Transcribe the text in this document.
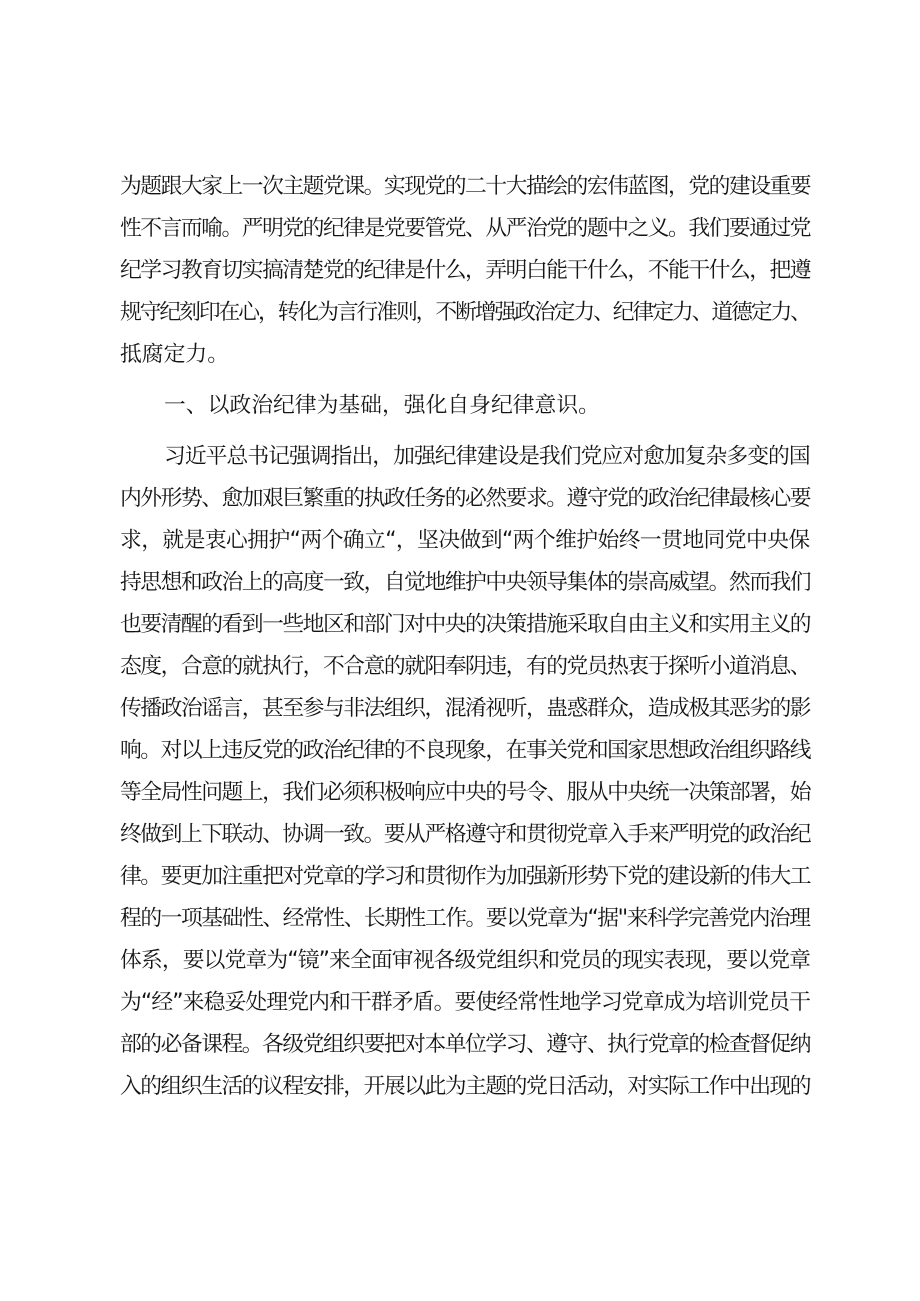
为题跟大家上一次主题党课。实现党的二十大描绘的宏伟蓝图，党的建设重要
性不言而喻。严明党的纪律是党要管党、从严治党的题中之义。我们要通过党
纪学习教育切实搞清楚党的纪律是什么，弄明白能干什么，不能干什么，把遵
规守纪刻印在心，转化为言行准则，不断增强政治定力、纪律定力、道德定力、
抵腐定力。
一、以政治纪律为基础，强化自身纪律意识。
习近平总书记强调指出，加强纪律建设是我们党应对愈加复杂多变的国
内外形势、愈加艰巨繁重的执政任务的必然要求。遵守党的政治纪律最核心要
求，就是衷心拥护“两个确立“，坚决做到“两个维护始终一贯地同党中央保
持思想和政治上的高度一致，自觉地维护中央领导集体的崇高威望。然而我们
也要清醒的看到一些地区和部门对中央的决策措施采取自由主义和实用主义的
态度，合意的就执行，不合意的就阳奉阴违，有的党员热衷于探听小道消息、
传播政治谣言，甚至参与非法组织，混淆视听，蛊惑群众，造成极其恶劣的影
响。对以上违反党的政治纪律的不良现象，在事关党和国家思想政治组织路线
等全局性问题上，我们必须积极响应中央的号令、服从中央统一决策部署，始
终做到上下联动、协调一致。要从严格遵守和贯彻党章入手来严明党的政治纪
律。要更加注重把对党章的学习和贯彻作为加强新形势下党的建设新的伟大工
程的一项基础性、经常性、长期性工作。要以党章为“据''来科学完善党内治理
体系，要以党章为“镜”来全面审视各级党组织和党员的现实表现，要以党章
为“经”来稳妥处理党内和干群矛盾。要使经常性地学习党章成为培训党员干
部的必备课程。各级党组织要把对本单位学习、遵守、执行党章的检查督促纳
入的组织生活的议程安排，开展以此为主题的党日活动，对实际工作中出现的
